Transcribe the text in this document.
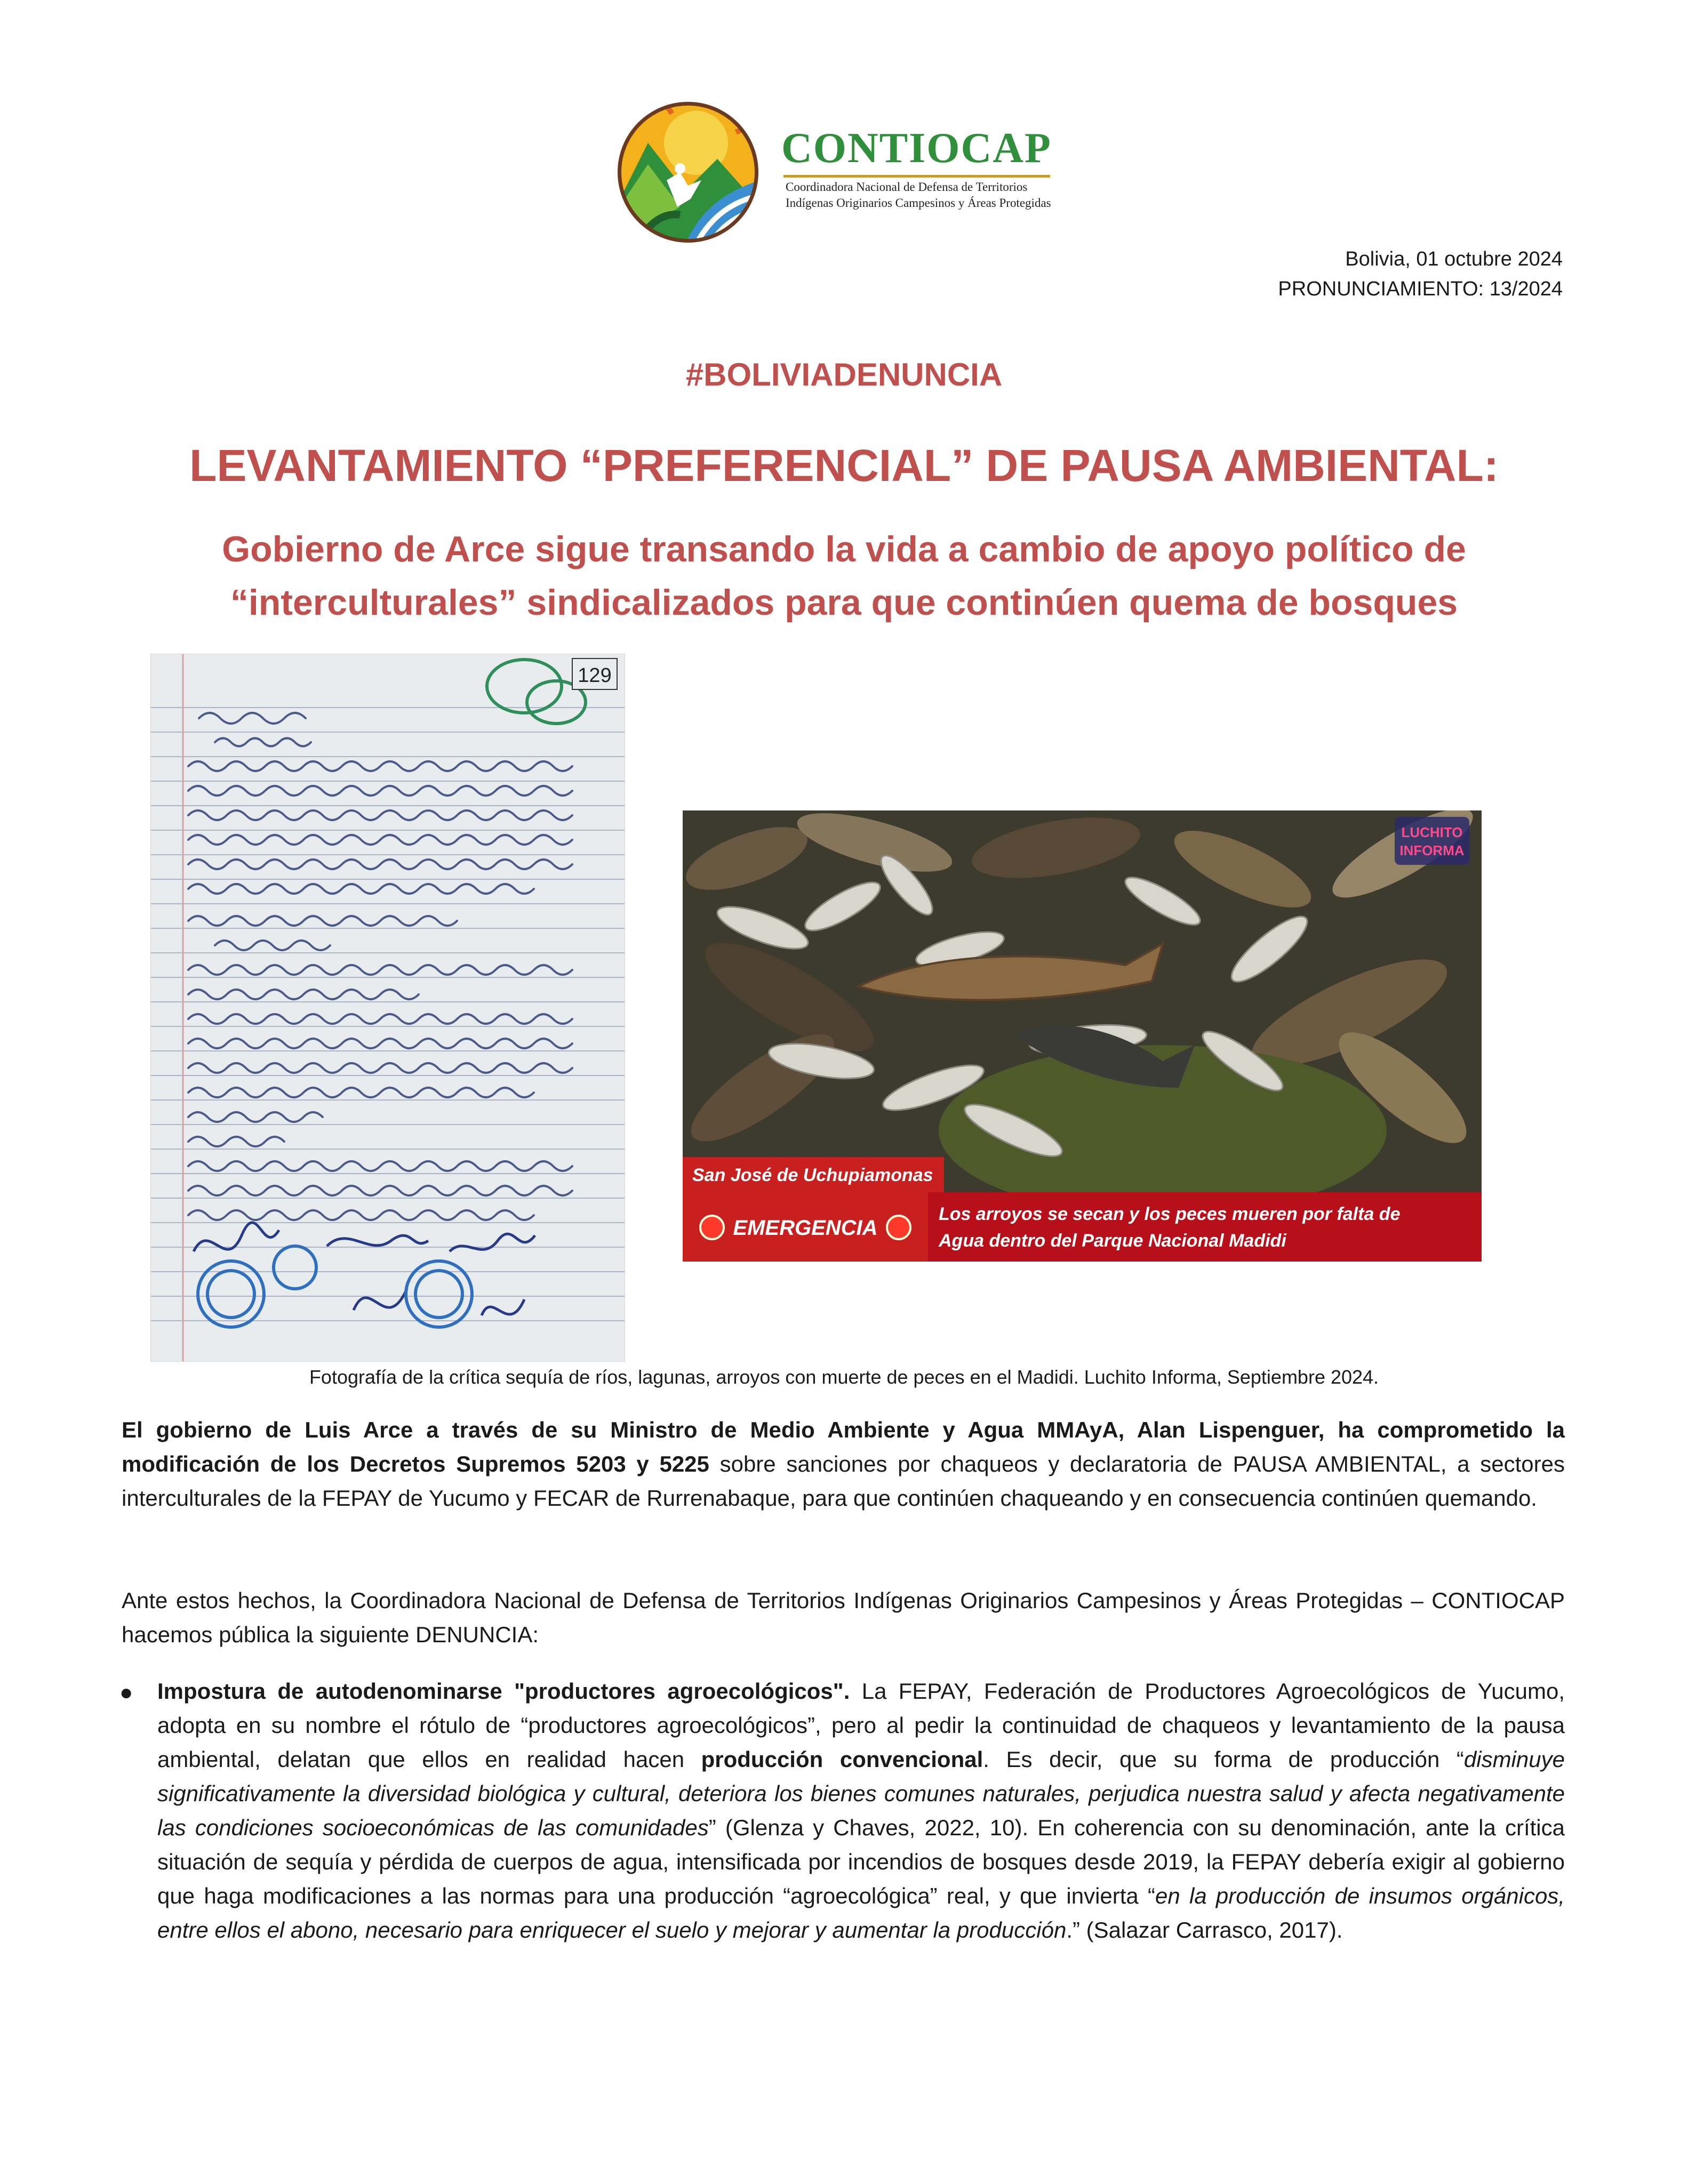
CONTIOCAP
Coordinadora Nacional de Defensa de Territorios
Indígenas Originarios Campesinos y Áreas Protegidas
Bolivia, 01 octubre 2024
PRONUNCIAMIENTO: 13/2024
#BOLIVIADENUNCIA
LEVANTAMIENTO “PREFERENCIAL” DE PAUSA AMBIENTAL:
Gobierno de Arce sigue transando la vida a cambio de apoyo político de
“interculturales” sindicalizados para que continúen quema de bosques
129
LUCHITO
INFORMA
San José de Uchupiamonas
EMERGENCIA
Los arroyos se secan y los peces mueren por falta de
Agua dentro del Parque Nacional Madidi
Fotografía de la crítica sequía de ríos, lagunas, arroyos con muerte de peces en el Madidi. Luchito Informa, Septiembre 2024.

El gobierno de Luis Arce a través de su Ministro de Medio Ambiente y Agua MMAyA, Alan Lispenguer, ha comprometido la modificación de los Decretos Supremos 5203 y 5225 sobre sanciones por chaqueos y declaratoria de PAUSA AMBIENTAL, a sectores interculturales de la FEPAY de Yucumo y FECAR de Rurrenabaque, para que continúen chaqueando y en consecuencia continúen quemando.

Ante estos hechos, la Coordinadora Nacional de Defensa de Territorios Indígenas Originarios Campesinos y Áreas Protegidas – CONTIOCAP hacemos pública la siguiente DENUNCIA:

● Impostura de autodenominarse "productores agroecológicos". La FEPAY, Federación de Productores Agroecológicos de Yucumo, adopta en su nombre el rótulo de “productores agroecológicos”, pero al pedir la continuidad de chaqueos y levantamiento de la pausa ambiental, delatan que ellos en realidad hacen producción convencional. Es decir, que su forma de producción “disminuye significativamente la diversidad biológica y cultural, deteriora los bienes comunes naturales, perjudica nuestra salud y afecta negativamente las condiciones socioeconómicas de las comunidades” (Glenza y Chaves, 2022, 10). En coherencia con su denominación, ante la crítica situación de sequía y pérdida de cuerpos de agua, intensificada por incendios de bosques desde 2019, la FEPAY debería exigir al gobierno que haga modificaciones a las normas para una producción “agroecológica” real, y que invierta “en la producción de insumos orgánicos, entre ellos el abono, necesario para enriquecer el suelo y mejorar y aumentar la producción.” (Salazar Carrasco, 2017).
